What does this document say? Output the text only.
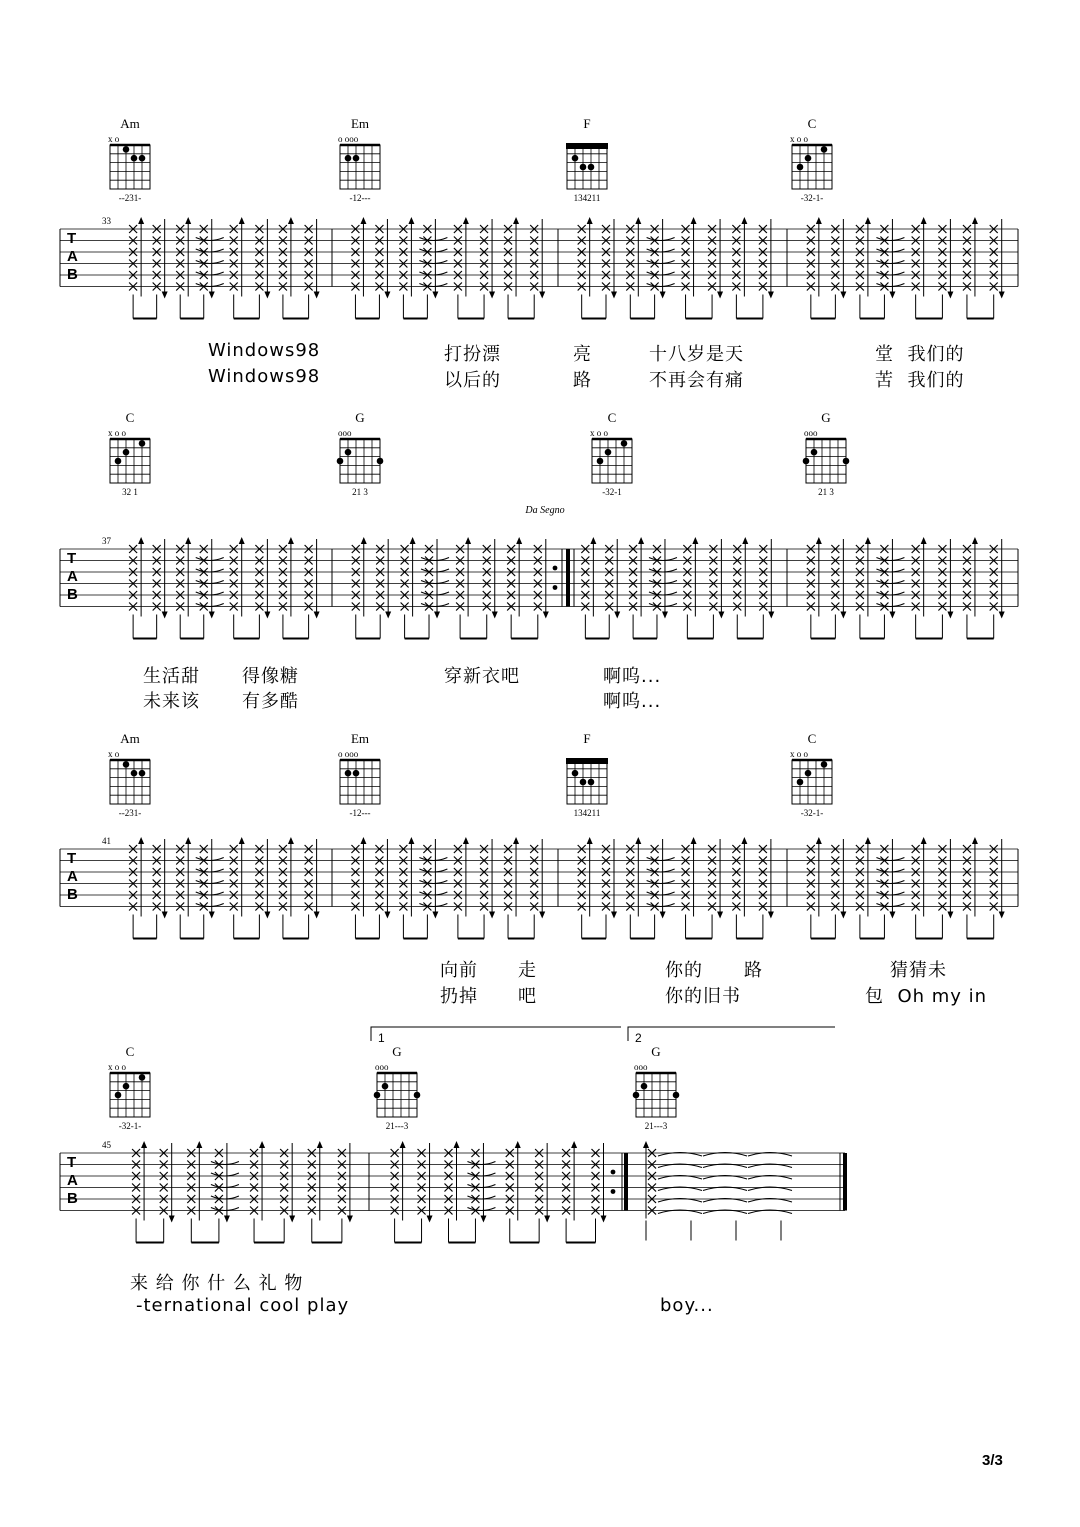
T
A
B
33
Am
x o
--231-
Em
o ooo
-12---
F
134211
C
x o o
-32-1-
T
A
B
37
Da Segno
C
x o o
32 1
G
ooo
21 3
C
x o o
-32-1
G
ooo
21 3
T
A
B
41
Am
x o
--231-
Em
o ooo
-12---
F
134211
C
x o o
-32-1-
T
A
B
45
1	2
C
x o o
-32-1-
G
ooo
21---3
G
ooo
21---3
Windows98	打扮漂	亮	十八岁是天	堂  我们的
Windows98	以后的	路	不再会有痛	苦  我们的
生活甜 得像糖	穿新衣吧	啊呜...
未来该 有多酷	啊呜...
向前 走	你的 路	猜猜未
扔掉 吧	你的旧书	包  Oh my in
来 给 你 什 么 礼 物
-ternational cool play	boy...
3/3
